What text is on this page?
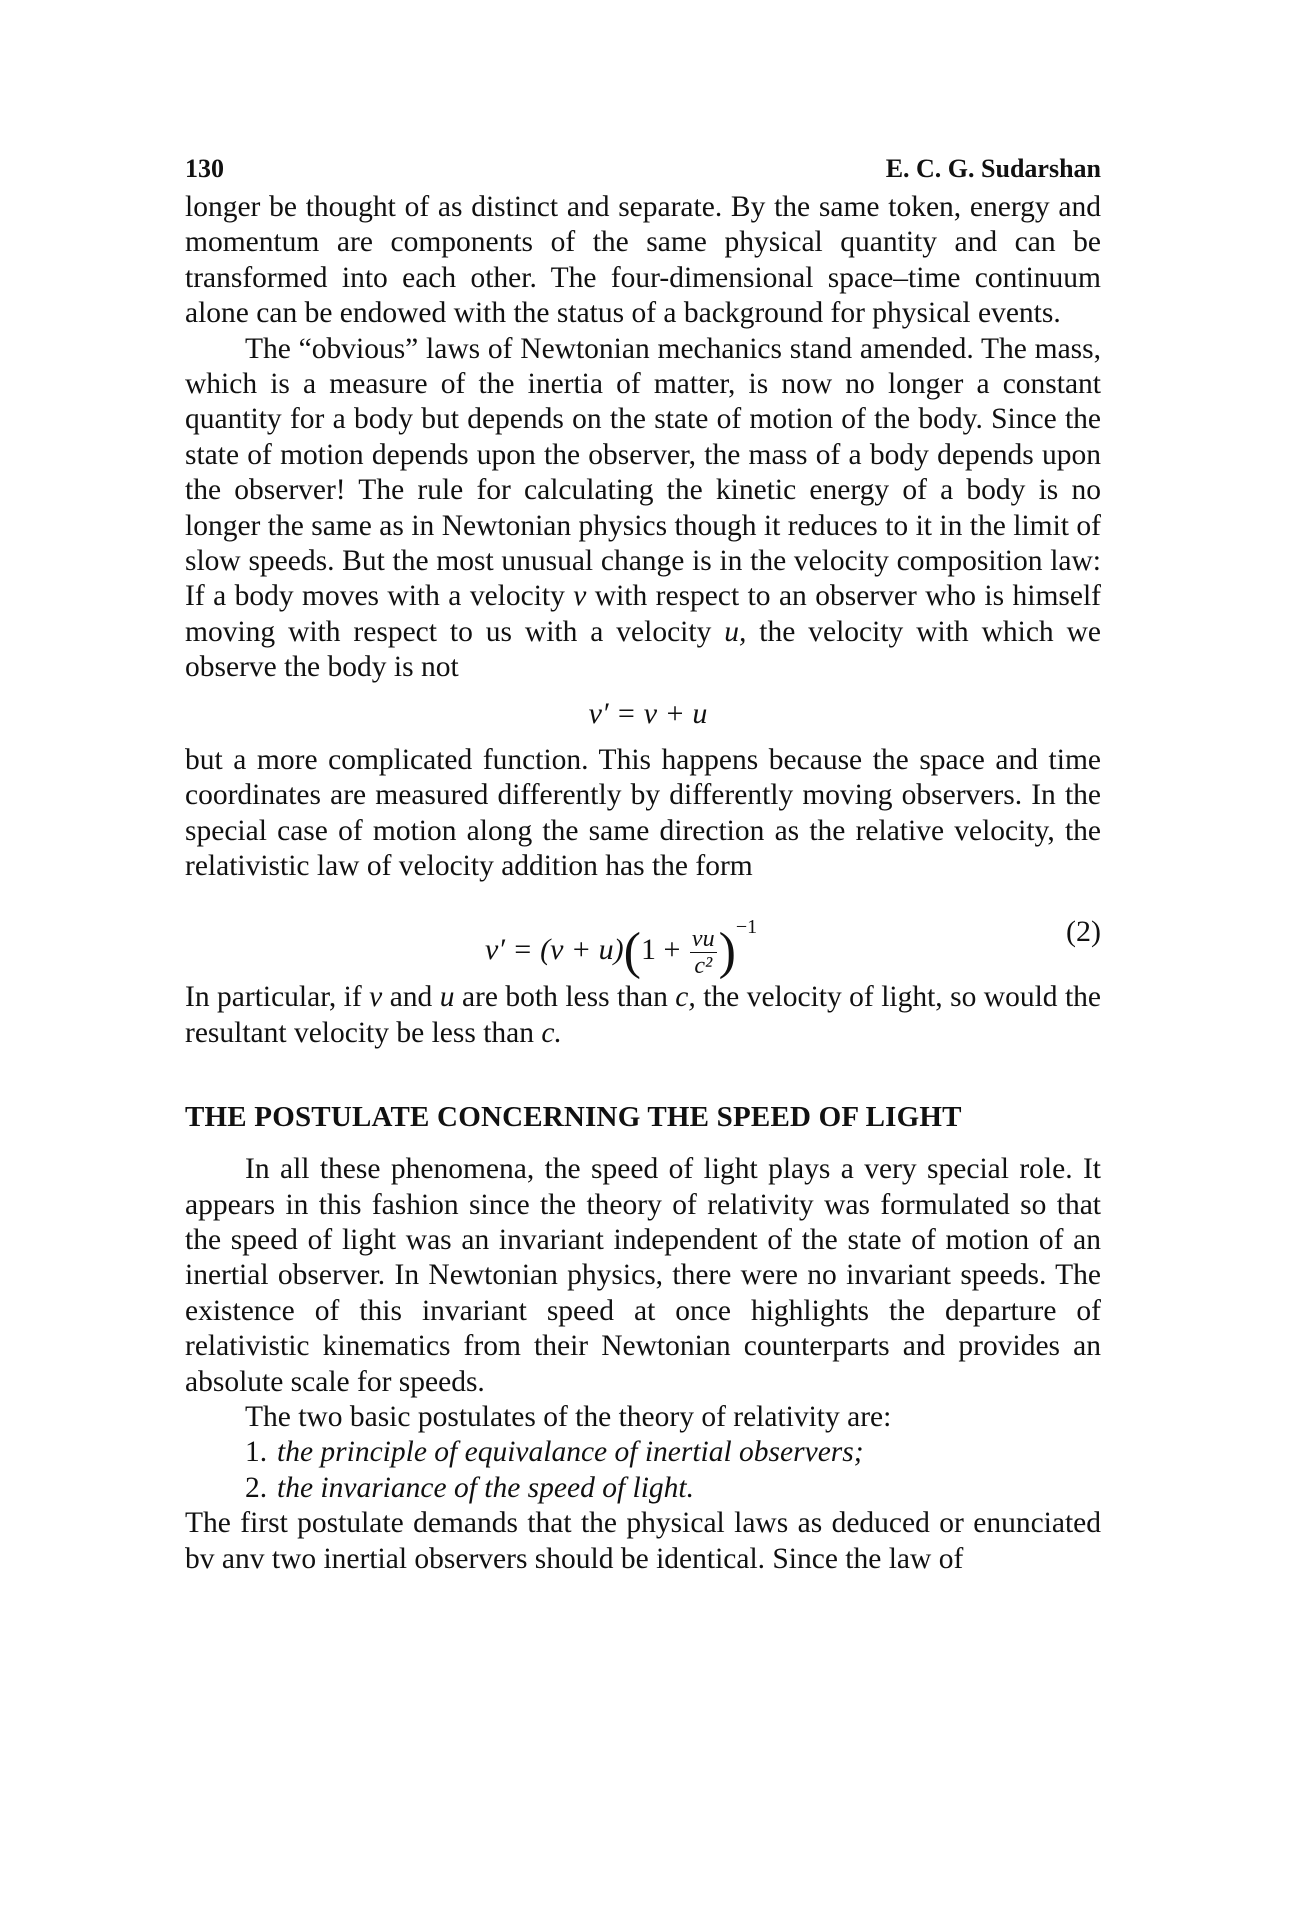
130	E. C. G. Sudarshan

longer be thought of as distinct and separate. By the same token, energy and momentum are components of the same physical quantity and can be transformed into each other. The four-dimensional space–time continuum alone can be endowed with the status of a background for physical events.

The “obvious” laws of Newtonian mechanics stand amended. The mass, which is a measure of the inertia of matter, is now no longer a constant quantity for a body but depends on the state of motion of the body. Since the state of motion depends upon the observer, the mass of a body depends upon the observer! The rule for calculating the kinetic energy of a body is no longer the same as in Newtonian physics though it reduces to it in the limit of slow speeds. But the most unusual change is in the velocity composition law: If a body moves with a velocity v with respect to an observer who is himself moving with respect to us with a velocity u, the velocity with which we observe the body is not

v′ = v + u

but a more complicated function. This happens because the space and time coordinates are measured differently by differently moving observers. In the special case of motion along the same direction as the relative velocity, the relativistic law of velocity addition has the form

$v' = (v + u)(1 + \frac{vu}{\text{c²}} )^{-1}$	(2)

In particular, if v and u are both less than c, the velocity of light, so would the resultant velocity be less than c.

THE POSTULATE CONCERNING THE SPEED OF LIGHT

In all these phenomena, the speed of light plays a very special role. It appears in this fashion since the theory of relativity was formulated so that the speed of light was an invariant independent of the state of motion of an inertial observer. In Newtonian physics, there were no invariant speeds. The existence of this invariant speed at once highlights the departure of relativistic kinematics from their Newtonian counterparts and provides an absolute scale for speeds.

The two basic postulates of the theory of relativity are:

1. the principle of equivalance of inertial observers;

2. the invariance of the speed of light.

The first postulate demands that the physical laws as deduced or enunciated bv anv two inertial observers should be identical. Since the law of
